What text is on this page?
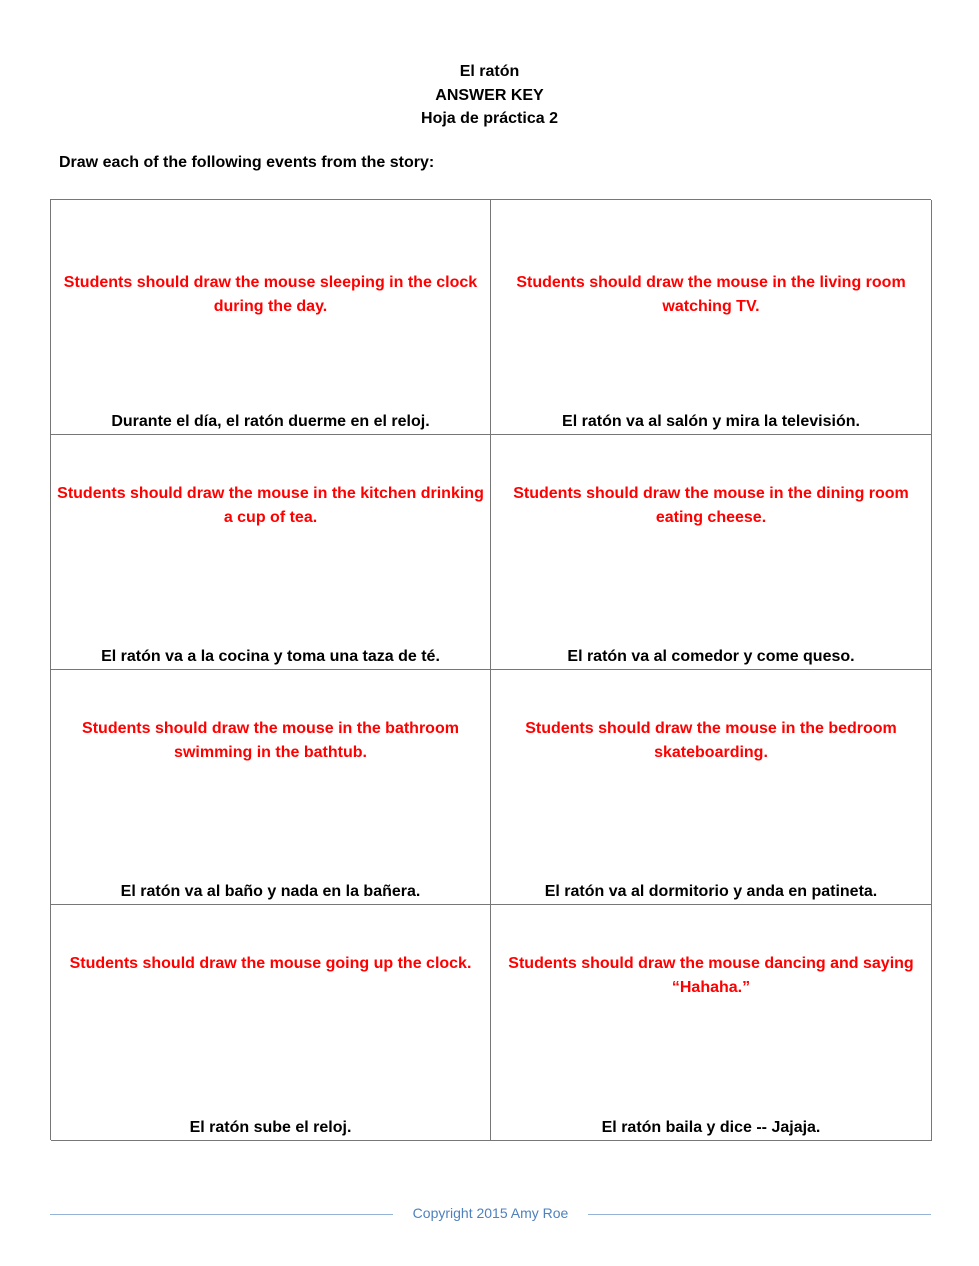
El ratón
ANSWER KEY
Hoja de práctica 2
Draw each of the following events from the story:
Students should draw the mouse sleeping in the clock during the day.
Durante el día, el ratón duerme en el reloj.
Students should draw the mouse in the living room watching TV.
El ratón va al salón y mira la televisión.
Students should draw the mouse in the kitchen drinking a cup of tea.
El ratón va a la cocina y toma una taza de té.
Students should draw the mouse in the dining room eating cheese.
El ratón va al comedor y come queso.
Students should draw the mouse in the bathroom swimming in the bathtub.
El ratón va al baño y nada en la bañera.
Students should draw the mouse in the bedroom skateboarding.
El ratón va al dormitorio y anda en patineta.
Students should draw the mouse going up the clock.
El ratón sube el reloj.
Students should draw the mouse dancing and saying “Hahaha.”
El ratón baila y dice -- Jajaja.
Copyright 2015 Amy Roe
